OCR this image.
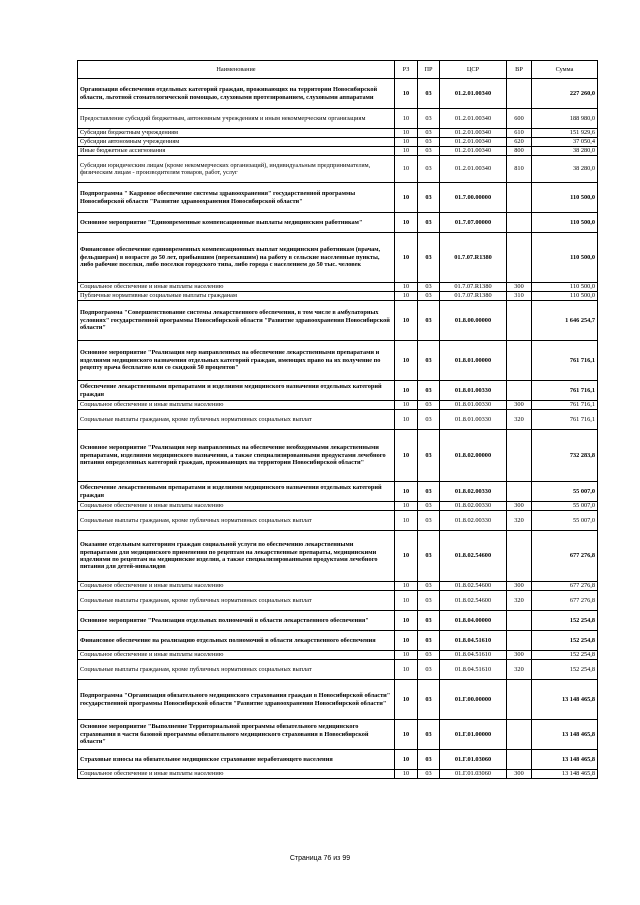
Наименование	РЗ	ПР	ЦСР	ВР	Сумма
Организация обеспечения отдельных категорий граждан, проживающих на территории Новосибирской области, льготной стоматологической помощью, слуховыми протезированием, слуховыми аппаратами	10	03	01.2.01.00340		227 260,0
Предоставление субсидий бюджетным, автономным учреждениям и иным некоммерческим организациям	10	03	01.2.01.00340	600	188 980,0
Субсидии бюджетным учреждениям	10	03	01.2.01.00340	610	151 929,6
Субсидии автономным учреждениям	10	03	01.2.01.00340	620	37 050,4
Иные бюджетные ассигнования	10	03	01.2.01.00340	800	38 280,0
Субсидии юридическим лицам (кроме некоммерческих организаций), индивидуальным предпринимателям, физическим лицам - производителям товаров, работ, услуг	10	03	01.2.01.00340	810	38 280,0
Подпрограмма " Кадровое обеспечение системы здравоохранения" государственной программы Новосибирской области "Развитие здравоохранения Новосибирской области"	10	03	01.7.00.00000		110 500,0
Основное мероприятие "Единовременные компенсационные выплаты медицинским работникам"	10	03	01.7.07.00000		110 500,0
Финансовое обеспечение единовременных компенсационных выплат медицинским работникам (врачам, фельдшерам) в возрасте до 50 лет, прибывшим (переехавшим) на работу в сельские населенные пункты, либо рабочие поселки, либо поселки городского типа, либо города с населением до 50 тыс. человек	10	03	01.7.07.R1380		110 500,0
Социальное обеспечение и иные выплаты населению	10	03	01.7.07.R1380	300	110 500,0
Публичные нормативные социальные выплаты гражданам	10	03	01.7.07.R1380	310	110 500,0
Подпрограмма "Совершенствование системы лекарственного обеспечения, в том числе в амбулаторных условиях" государственной программы Новосибирской области "Развитие здравоохранения Новосибирской области"	10	03	01.8.00.00000		1 646 254,7
Основное мероприятие "Реализация мер направленных на обеспечение лекарственными препаратами и изделиями медицинского назначения отдельных категорий граждан, имеющих право на их получение по рецепту врача бесплатно или со скидкой 50 процентов"	10	03	01.8.01.00000		761 716,1
Обеспечение лекарственными препаратами и изделиями медицинского назначения отдельных категорий граждан	10	03	01.8.01.00330		761 716,1
Социальное обеспечение и иные выплаты населению	10	03	01.8.01.00330	300	761 716,1
Социальные выплаты гражданам, кроме публичных нормативных социальных выплат	10	03	01.8.01.00330	320	761 716,1
Основное мероприятие "Реализация мер направленных на обеспечение необходимыми лекарственными препаратами, изделиями медицинского назначения, а также специализированными продуктами лечебного питания определенных категорий граждан, проживающих на территории Новосибирской области"	10	03	01.8.02.00000		732 283,8
Обеспечение лекарственными препаратами и изделиями медицинского назначения отдельных категорий граждан	10	03	01.8.02.00330		55 007,0
Социальное обеспечение и иные выплаты населению	10	03	01.8.02.00330	300	55 007,0
Социальные выплаты гражданам, кроме публичных нормативных социальных выплат	10	03	01.8.02.00330	320	55 007,0
Оказание отдельным категориям граждан социальной услуги по обеспечению лекарственными препаратами для медицинского применения по рецептам на лекарственные препараты, медицинскими изделиями по рецептам на медицинские изделия, а также специализированными продуктами лечебного питания для детей-инвалидов	10	03	01.8.02.54600		677 276,8
Социальное обеспечение и иные выплаты населению	10	03	01.8.02.54600	300	677 276,8
Социальные выплаты гражданам, кроме публичных нормативных социальных выплат	10	03	01.8.02.54600	320	677 276,8
Основное мероприятие "Реализация отдельных полномочий в области лекарственного обеспечения"	10	03	01.8.04.00000		152 254,8
Финансовое обеспечение на реализацию отдельных полномочий в области лекарственного обеспечения	10	03	01.8.04.51610		152 254,8
Социальное обеспечение и иные выплаты населению	10	03	01.8.04.51610	300	152 254,8
Социальные выплаты гражданам, кроме публичных нормативных социальных выплат	10	03	01.8.04.51610	320	152 254,8
Подпрограмма "Организация обязательного медицинского страхования граждан в Новосибирской области" государственной программы Новосибирской области "Развитие здравоохранения Новосибирской области"	10	03	01.Г.00.00000		13 148 465,8
Основное мероприятие "Выполнение Территориальной программы обязательного медицинского страхования в части базовой программы обязательного медицинского страхования в Новосибирской области"	10	03	01.Г.01.00000		13 148 465,8
Страховые взносы на обязательное медицинское страхование неработающего населения	10	03	01.Г.01.03060		13 148 465,8
Социальное обеспечение и иные выплаты населению	10	03	01.Г.01.03060	300	13 148 465,8
Страница 76 из 99
